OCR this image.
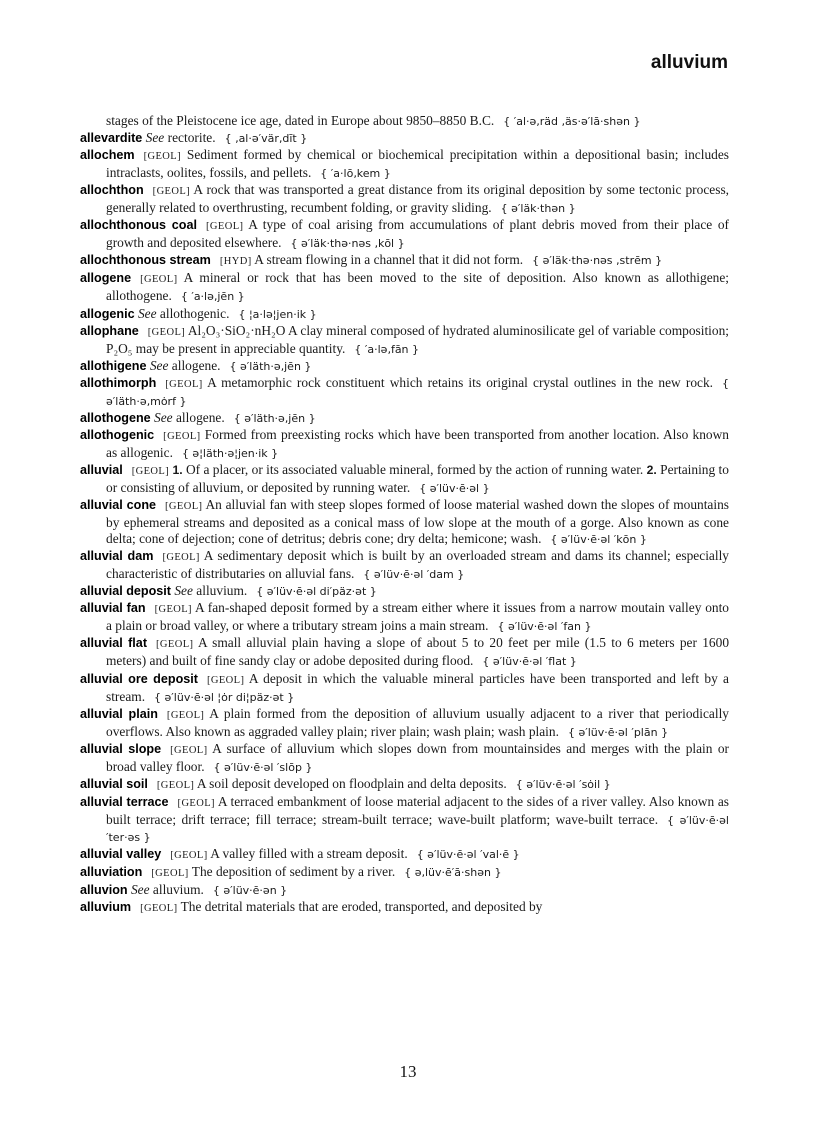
alluvium

stages of the Pleistocene ice age, dated in Europe about 9850–8850 B.C. { ′al·ə‚räd ‚äs·ə′lā·shən }

allevardite See rectorite. { ‚al·ə′vär‚dīt }

allochem [GEOL] Sediment formed by chemical or biochemical precipitation within a depositional basin; includes intraclasts, oolites, fossils, and pellets. { ′a·lō‚kem }

allochthon [GEOL] A rock that was transported a great distance from its original deposition by some tectonic process, generally related to overthrusting, recumbent folding, or gravity sliding. { ə′läk·thən }

allochthonous coal [GEOL] A type of coal arising from accumulations of plant debris moved from their place of growth and deposited elsewhere. { ə′läk·thə·nəs ‚kōl }

allochthonous stream [HYD] A stream flowing in a channel that it did not form. { ə′läk·thə·nəs ‚strēm }

allogene [GEOL] A mineral or rock that has been moved to the site of deposition. Also known as allothigene; allothogene. { ′a·lə‚jēn }

allogenic See allothogenic. { ¦a·lə¦jen·ik }

allophane [GEOL] Al₂O₃·SiO₂·nH₂O A clay mineral composed of hydrated aluminosilicate gel of variable composition; P₂O₅ may be present in appreciable quantity. { ′a·lə‚fān }

allothigene See allogene. { ə′läth·ə‚jēn }

allothimorph [GEOL] A metamorphic rock constituent which retains its original crystal outlines in the new rock. { ə′läth·ə‚mȯrf }

allothogene See allogene. { ə′läth·ə‚jēn }

allothogenic [GEOL] Formed from preexisting rocks which have been transported from another location. Also known as allogenic. { ə¦läth·ə¦jen·ik }

alluvial [GEOL] 1. Of a placer, or its associated valuable mineral, formed by the action of running water. 2. Pertaining to or consisting of alluvium, or deposited by running water. { ə′lüv·ē·əl }

alluvial cone [GEOL] An alluvial fan with steep slopes formed of loose material washed down the slopes of mountains by ephemeral streams and deposited as a conical mass of low slope at the mouth of a gorge. Also known as cone delta; cone of dejection; cone of detritus; debris cone; dry delta; hemicone; wash. { ə′lüv·ē·əl ′kōn }

alluvial dam [GEOL] A sedimentary deposit which is built by an overloaded stream and dams its channel; especially characteristic of distributaries on alluvial fans. { ə′lüv·ē·əl ′dam }

alluvial deposit See alluvium. { ə′lüv·ē·əl di′päz·ət }

alluvial fan [GEOL] A fan-shaped deposit formed by a stream either where it issues from a narrow moutain valley onto a plain or broad valley, or where a tributary stream joins a main stream. { ə′lüv·ē·əl ′fan }

alluvial flat [GEOL] A small alluvial plain having a slope of about 5 to 20 feet per mile (1.5 to 6 meters per 1600 meters) and built of fine sandy clay or adobe deposited during flood. { ə′lüv·ē·əl ′flat }

alluvial ore deposit [GEOL] A deposit in which the valuable mineral particles have been transported and left by a stream. { ə′lüv·ē·əl ¦ȯr di¦päz·ət }

alluvial plain [GEOL] A plain formed from the deposition of alluvium usually adjacent to a river that periodically overflows. Also known as aggraded valley plain; river plain; wash plain; wash plain. { ə′lüv·ē·əl ′plān }

alluvial slope [GEOL] A surface of alluvium which slopes down from mountainsides and merges with the plain or broad valley floor. { ə′lüv·ē·əl ′slōp }

alluvial soil [GEOL] A soil deposit developed on floodplain and delta deposits. { ə′lüv·ē·əl ′sȯil }

alluvial terrace [GEOL] A terraced embankment of loose material adjacent to the sides of a river valley. Also known as built terrace; drift terrace; fill terrace; stream-built terrace; wave-built platform; wave-built terrace. { ə′lüv·ē·əl ′ter·əs }

alluvial valley [GEOL] A valley filled with a stream deposit. { ə′lüv·ē·əl ′val·ē }

alluviation [GEOL] The deposition of sediment by a river. { ə‚lüv·ē′ā·shən }

alluvion See alluvium. { ə′lüv·ē·ən }

alluvium [GEOL] The detrital materials that are eroded, transported, and deposited by

13
